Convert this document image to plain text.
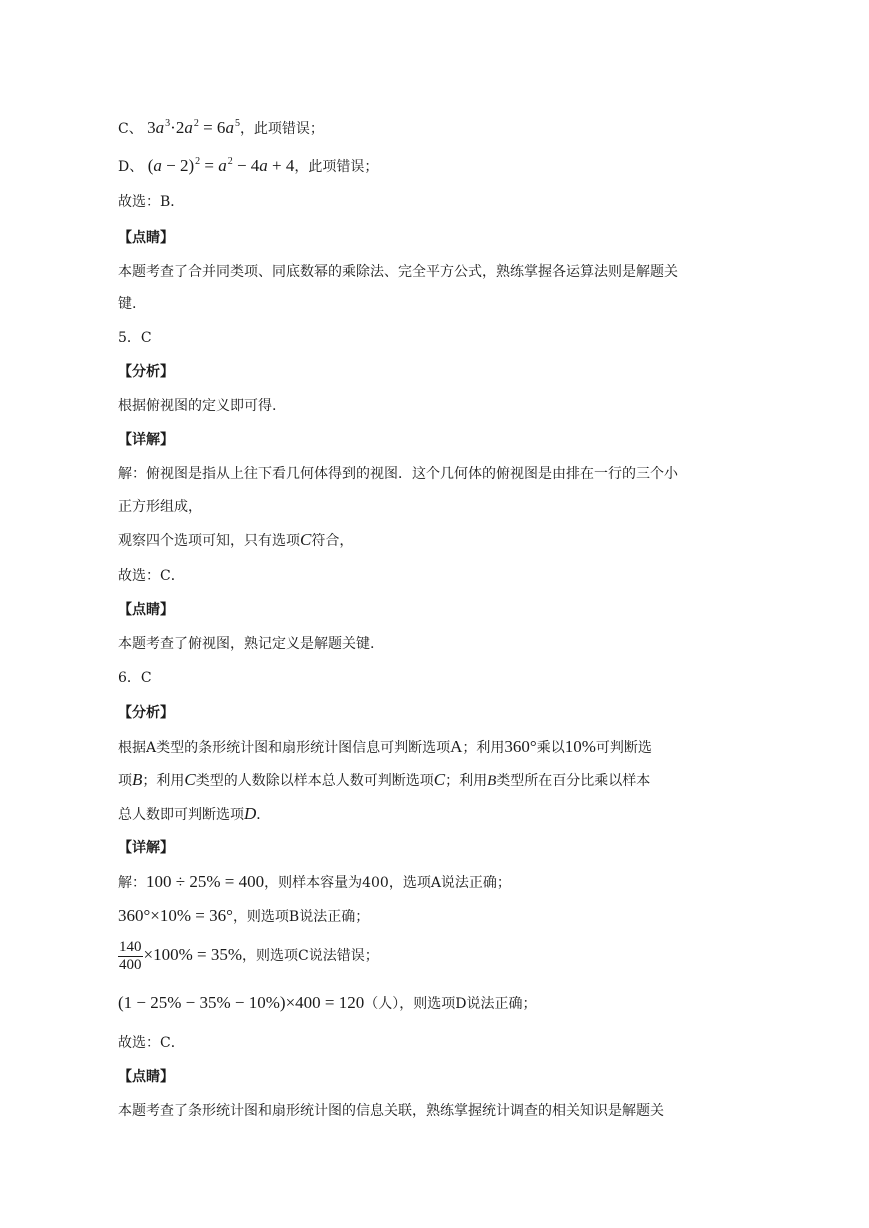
C、 $3a^3\cdot 2a^2 = 6a^5$，此项错误；
D、 $(a - 2)^2 = a^2 - 4a + 4$，此项错误；
故选：B．
【点睛】
本题考查了合并同类项、同底数幂的乘除法、完全平方公式，熟练掌握各运算法则是解题关
键.
5．C
【分析】
根据俯视图的定义即可得.
【详解】
解：俯视图是指从上往下看几何体得到的视图．这个几何体的俯视图是由排在一行的三个小
正方形组成，
观察四个选项可知，只有选项C符合，
故选：C．
【点睛】
本题考查了俯视图，熟记定义是解题关键.
6．C
【分析】
根据A类型的条形统计图和扇形统计图信息可判断选项A；利用360°乘以10%可判断选
项B；利用C类型的人数除以样本总人数可判断选项C；利用B类型所在百分比乘以样本
总人数即可判断选项D．
【详解】
解：100 ÷ 25% = 400，则样本容量为400，选项A说法正确；
360°×10% = 36°，则选项B说法正确；
$\frac{140}{400} \times 100\% = 35\%$，则选项C说法错误；
(1 − 25% − 35% − 10%)×400 = 120（人），则选项D说法正确；
故选：C．
【点睛】
本题考查了条形统计图和扇形统计图的信息关联，熟练掌握统计调查的相关知识是解题关
